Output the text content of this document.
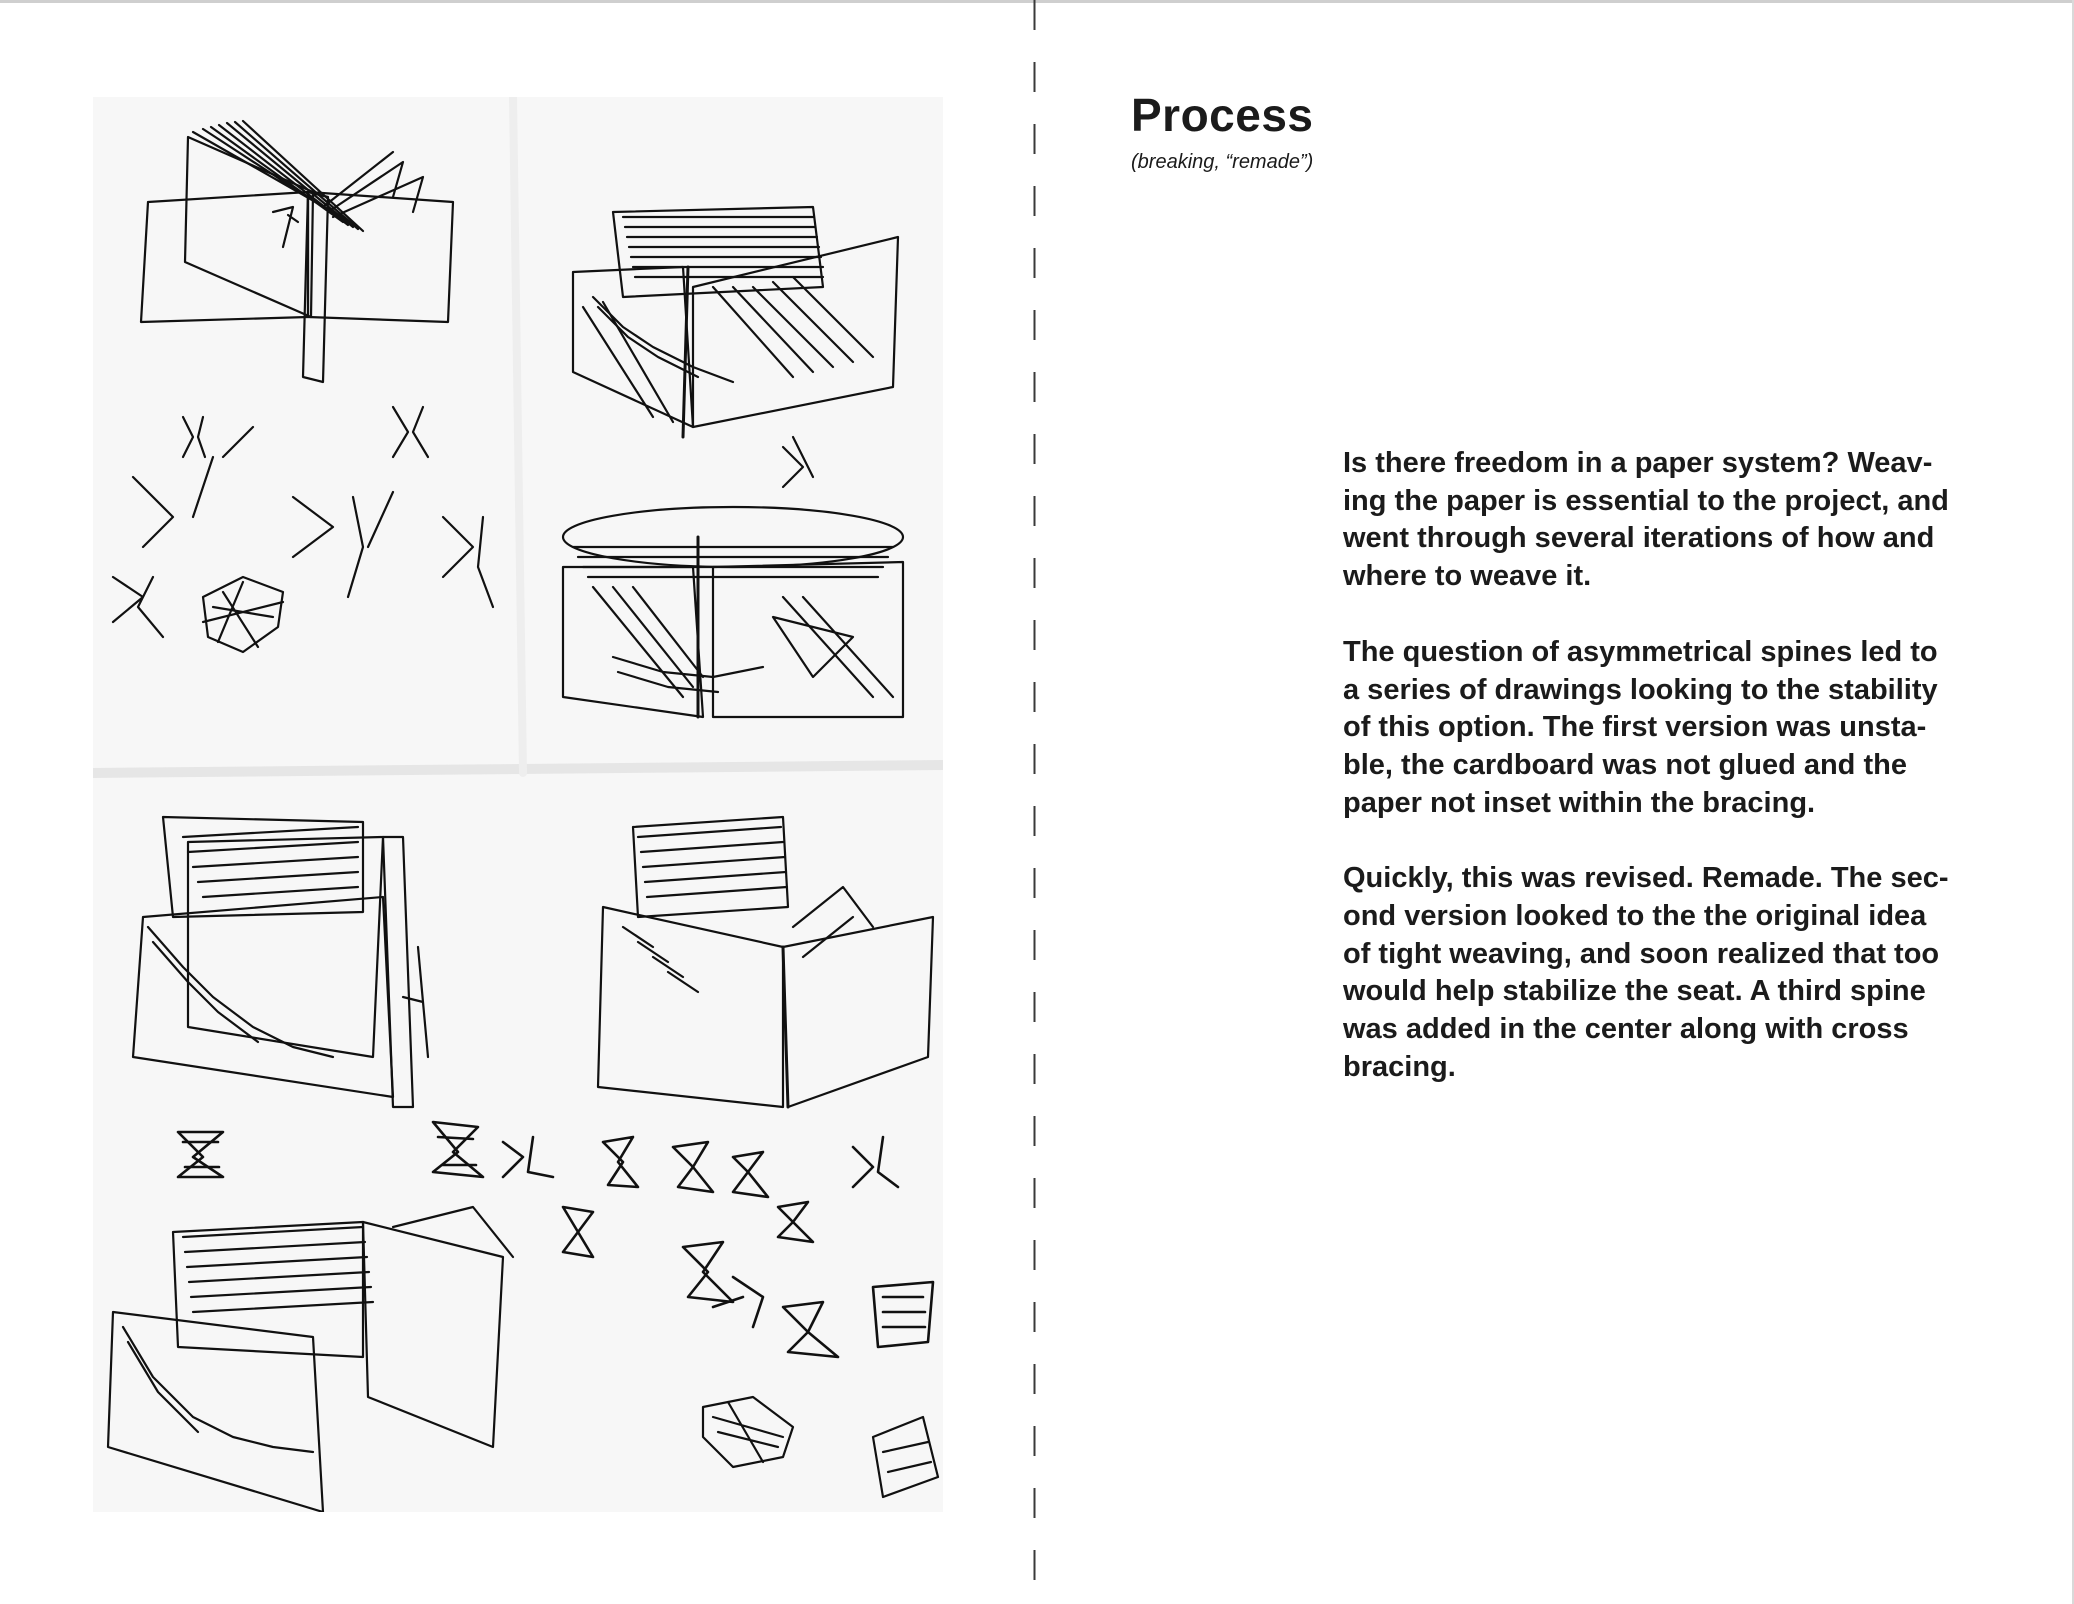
Process
(breaking, “remade”)

Is there freedom in a paper system? Weav-
ing the paper is essential to the project, and
went through several iterations of how and
where to weave it.

The question of asymmetrical spines led to
a series of drawings looking to the stability
of this option. The first version was unsta-
ble, the cardboard was not glued and the
paper not inset within the bracing.

Quickly, this was revised. Remade. The sec-
ond version looked to the the original idea
of tight weaving, and soon realized that too
would help stabilize the seat. A third spine
was added in the center along with cross
bracing.
